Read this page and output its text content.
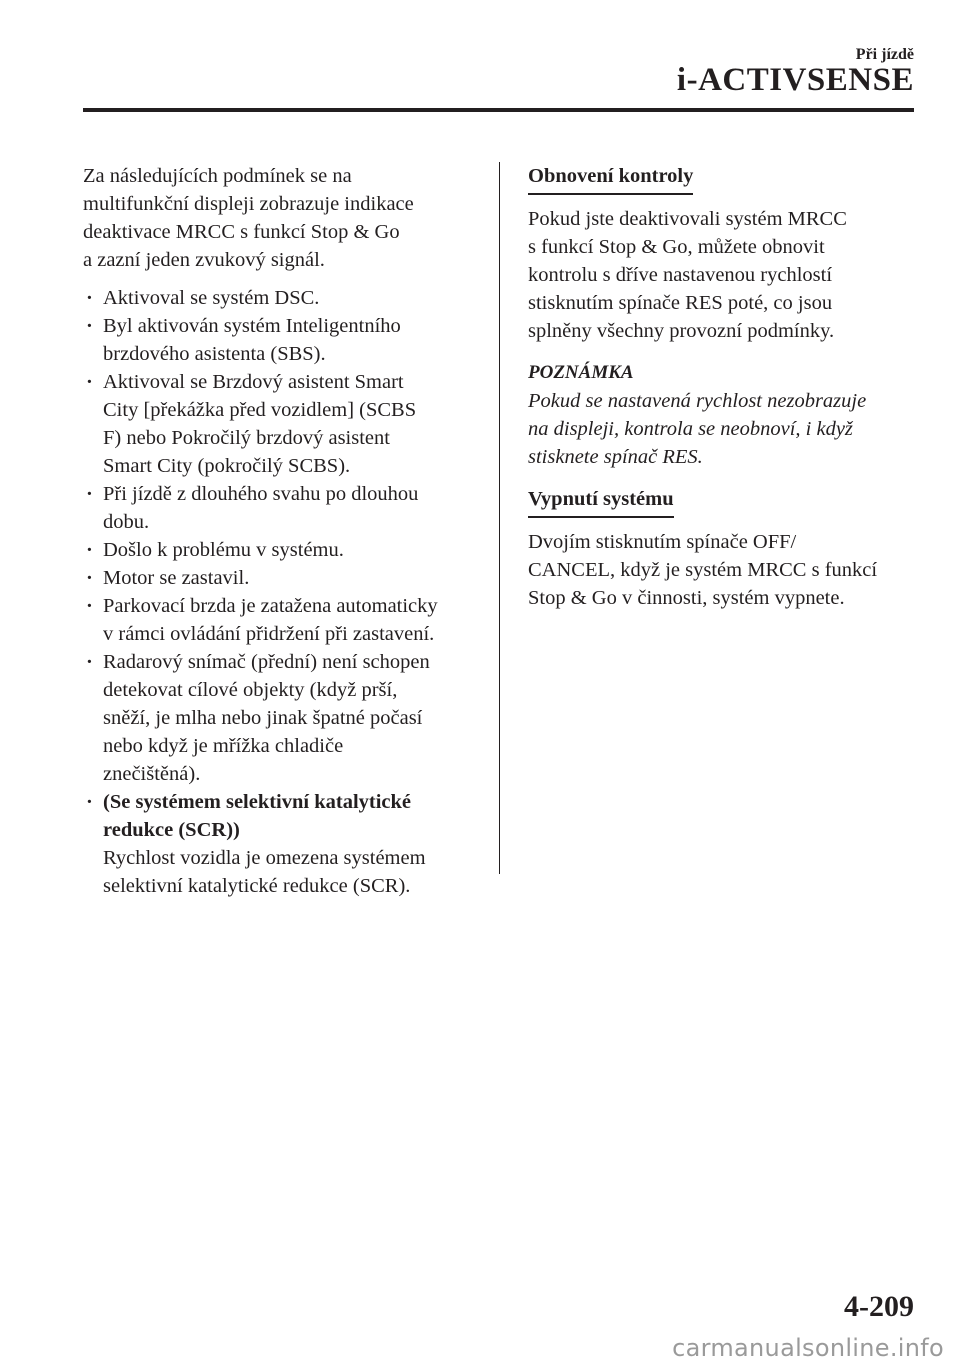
Při jízdě
i-ACTIVSENSE

Za následujících podmínek se na
multifunkční displeji zobrazuje indikace
deaktivace MRCC s funkcí Stop & Go
a zazní jeden zvukový signál.

· Aktivoval se systém DSC.
· Byl aktivován systém Inteligentního
brzdového asistenta (SBS).
· Aktivoval se Brzdový asistent Smart
City [překážka před vozidlem] (SCBS
F) nebo Pokročilý brzdový asistent
Smart City (pokročilý SCBS).
· Při jízdě z dlouhého svahu po dlouhou
dobu.
· Došlo k problému v systému.
· Motor se zastavil.
· Parkovací brzda je zatažena automaticky
v rámci ovládání přidržení při zastavení.
· Radarový snímač (přední) není schopen
detekovat cílové objekty (když prší,
sněží, je mlha nebo jinak špatné počasí
nebo když je mřížka chladiče
znečištěná).
· (Se systémem selektivní katalytické
redukce (SCR))
Rychlost vozidla je omezena systémem
selektivní katalytické redukce (SCR).
Obnovení kontroly

Pokud jste deaktivovali systém MRCC
s funkcí Stop & Go, můžete obnovit
kontrolu s dříve nastavenou rychlostí
stisknutím spínače RES poté, co jsou
splněny všechny provozní podmínky.

POZNÁMKA

Pokud se nastavená rychlost nezobrazuje
na displeji, kontrola se neobnoví, i když
stisknete spínač RES.

Vypnutí systému

Dvojím stisknutím spínače OFF/
CANCEL, když je systém MRCC s funkcí
Stop & Go v činnosti, systém vypnete.

4-209
carmanualsonline.info
